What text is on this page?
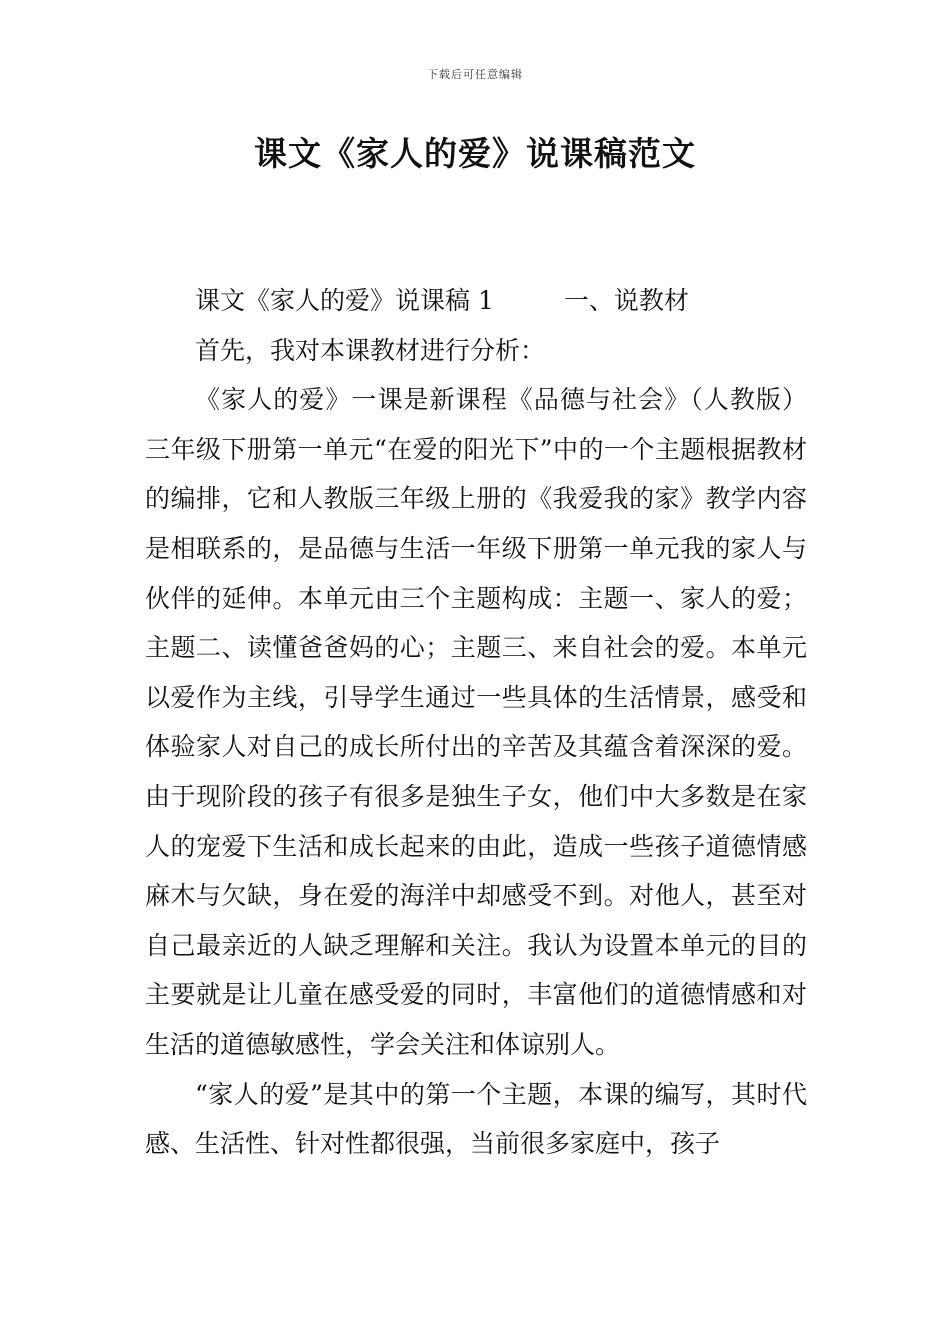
下载后可任意编辑
课文《家人的爱》说课稿范文

课文《家人的爱》说课稿 1	一、说教材

首先，我对本课教材进行分析：

《家人的爱》一课是新课程《品德与社会》（人教版）三年级下册第一单元“在爱的阳光下”中的一个主题根据教材的编排，它和人教版三年级上册的《我爱我的家》教学内容是相联系的，是品德与生活一年级下册第一单元我的家人与伙伴的延伸。本单元由三个主题构成：主题一、家人的爱；主题二、读懂爸爸妈的心；主题三、来自社会的爱。本单元以爱作为主线，引导学生通过一些具体的生活情景，感受和体验家人对自己的成长所付出的辛苦及其蕴含着深深的爱。由于现阶段的孩子有很多是独生子女，他们中大多数是在家人的宠爱下生活和成长起来的由此，造成一些孩子道德情感麻木与欠缺，身在爱的海洋中却感受不到。对他人，甚至对自己最亲近的人缺乏理解和关注。我认为设置本单元的目的主要就是让儿童在感受爱的同时，丰富他们的道德情感和对生活的道德敏感性，学会关注和体谅别人。

“家人的爱”是其中的第一个主题，本课的编写，其时代感、生活性、针对性都很强，当前很多家庭中，孩子
